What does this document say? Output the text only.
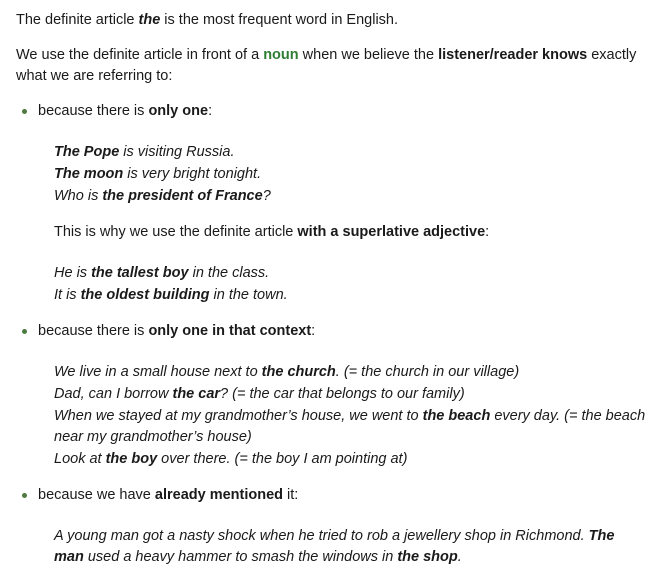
The definite article the is the most frequent word in English.

We use the definite article in front of a noun when we believe the listener/reader knows exactly what we are referring to:

because there is only one:
The Pope is visiting Russia.
The moon is very bright tonight.
Who is the president of France?
This is why we use the definite article with a superlative adjective:
He is the tallest boy in the class.
It is the oldest building in the town.
because there is only one in that context:
We live in a small house next to the church. (= the church in our village)
Dad, can I borrow the car? (= the car that belongs to our family)
When we stayed at my grandmother’s house, we went to the beach every day. (= the beach near my grandmother’s house)
Look at the boy over there. (= the boy I am pointing at)
because we have already mentioned it:
A young man got a nasty shock when he tried to rob a jewellery shop in Richmond. The man used a heavy hammer to smash the windows in the shop.
